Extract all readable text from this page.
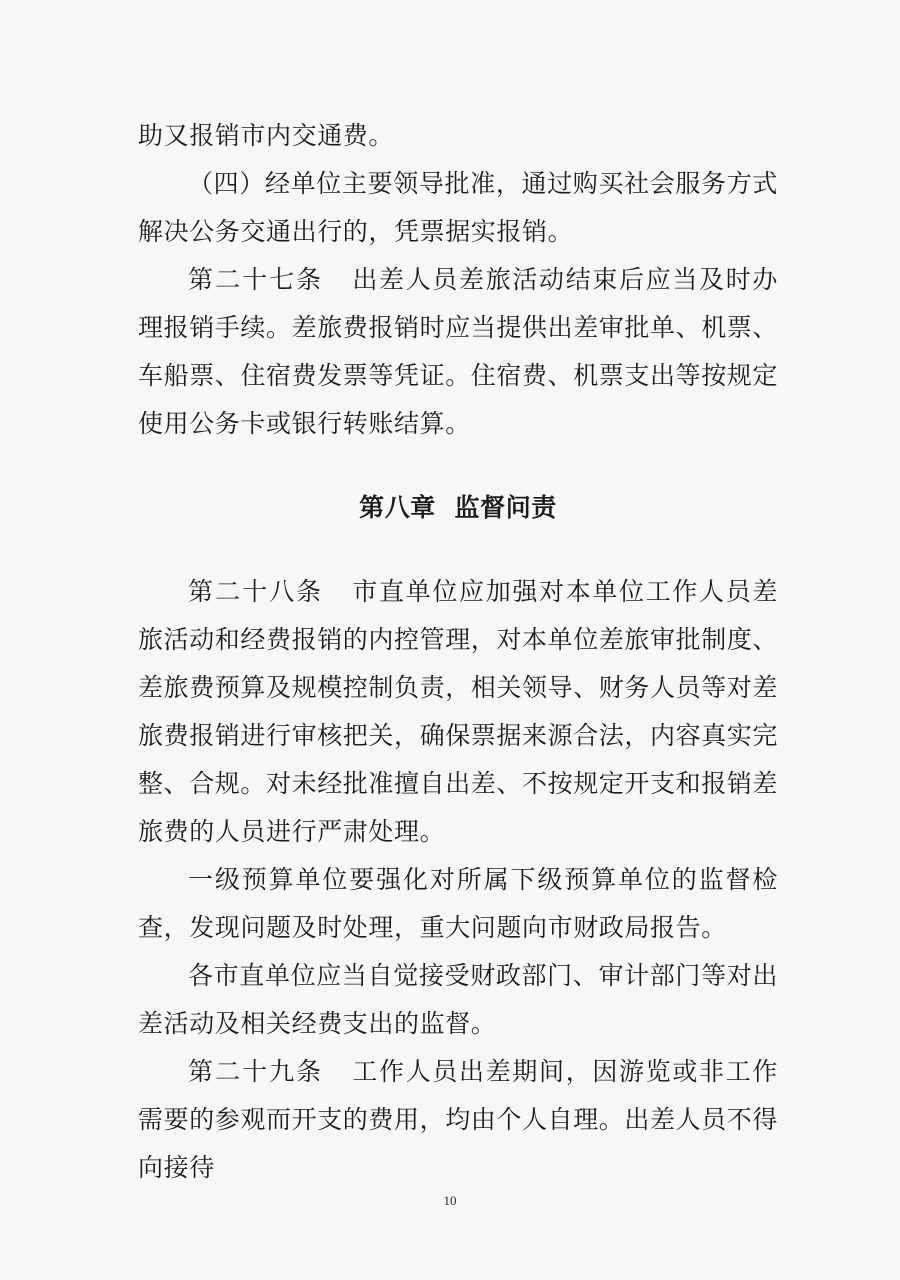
助又报销市内交通费。

（四）经单位主要领导批准，通过购买社会服务方式解决公务交通出行的，凭票据实报销。

第二十七条 出差人员差旅活动结束后应当及时办理报销手续。差旅费报销时应当提供出差审批单、机票、车船票、住宿费发票等凭证。住宿费、机票支出等按规定使用公务卡或银行转账结算。

第八章  监督问责

第二十八条 市直单位应加强对本单位工作人员差旅活动和经费报销的内控管理，对本单位差旅审批制度、差旅费预算及规模控制负责，相关领导、财务人员等对差旅费报销进行审核把关，确保票据来源合法，内容真实完整、合规。对未经批准擅自出差、不按规定开支和报销差旅费的人员进行严肃处理。

一级预算单位要强化对所属下级预算单位的监督检查，发现问题及时处理，重大问题向市财政局报告。

各市直单位应当自觉接受财政部门、审计部门等对出差活动及相关经费支出的监督。

第二十九条 工作人员出差期间，因游览或非工作需要的参观而开支的费用，均由个人自理。出差人员不得向接待

10
